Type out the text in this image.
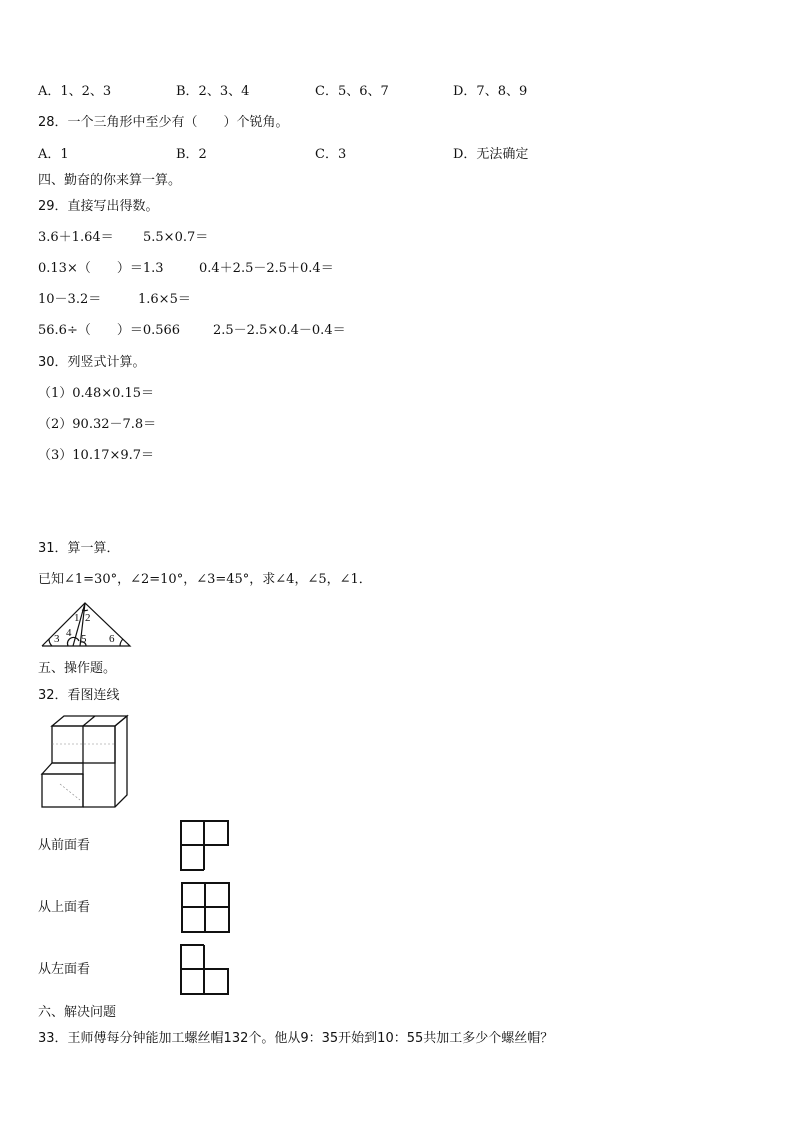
A．1、2、3	B．2、3、4	C．5、6、7	D．7、8、9
28．一个三角形中至少有（　　）个锐角。
A．1	B．2	C．3	D．无法确定
四、勤奋的你来算一算。
29．直接写出得数。
3.6＋1.64＝ 5.5×0.7＝
0.13×（　　）＝1.3	0.4＋2.5－2.5＋0.4＝
10－3.2＝	1.6×5＝
56.6÷（　　）＝0.566	2.5－2.5×0.4－0.4＝
30．列竖式计算。
（1）0.48×0.15＝
（2）90.32－7.8＝
（3）10.17×9.7＝
31．算一算．
已知∠1=30°，∠2=10°，∠3=45°，求∠4，∠5，∠1．
1 2
3 4 5 6
五、操作题。
32．看图连线
从前面看
从上面看
从左面看
六、解决问题
33．王师傅每分钟能加工螺丝帽132个。他从9：35开始到10：55共加工多少个螺丝帽？
